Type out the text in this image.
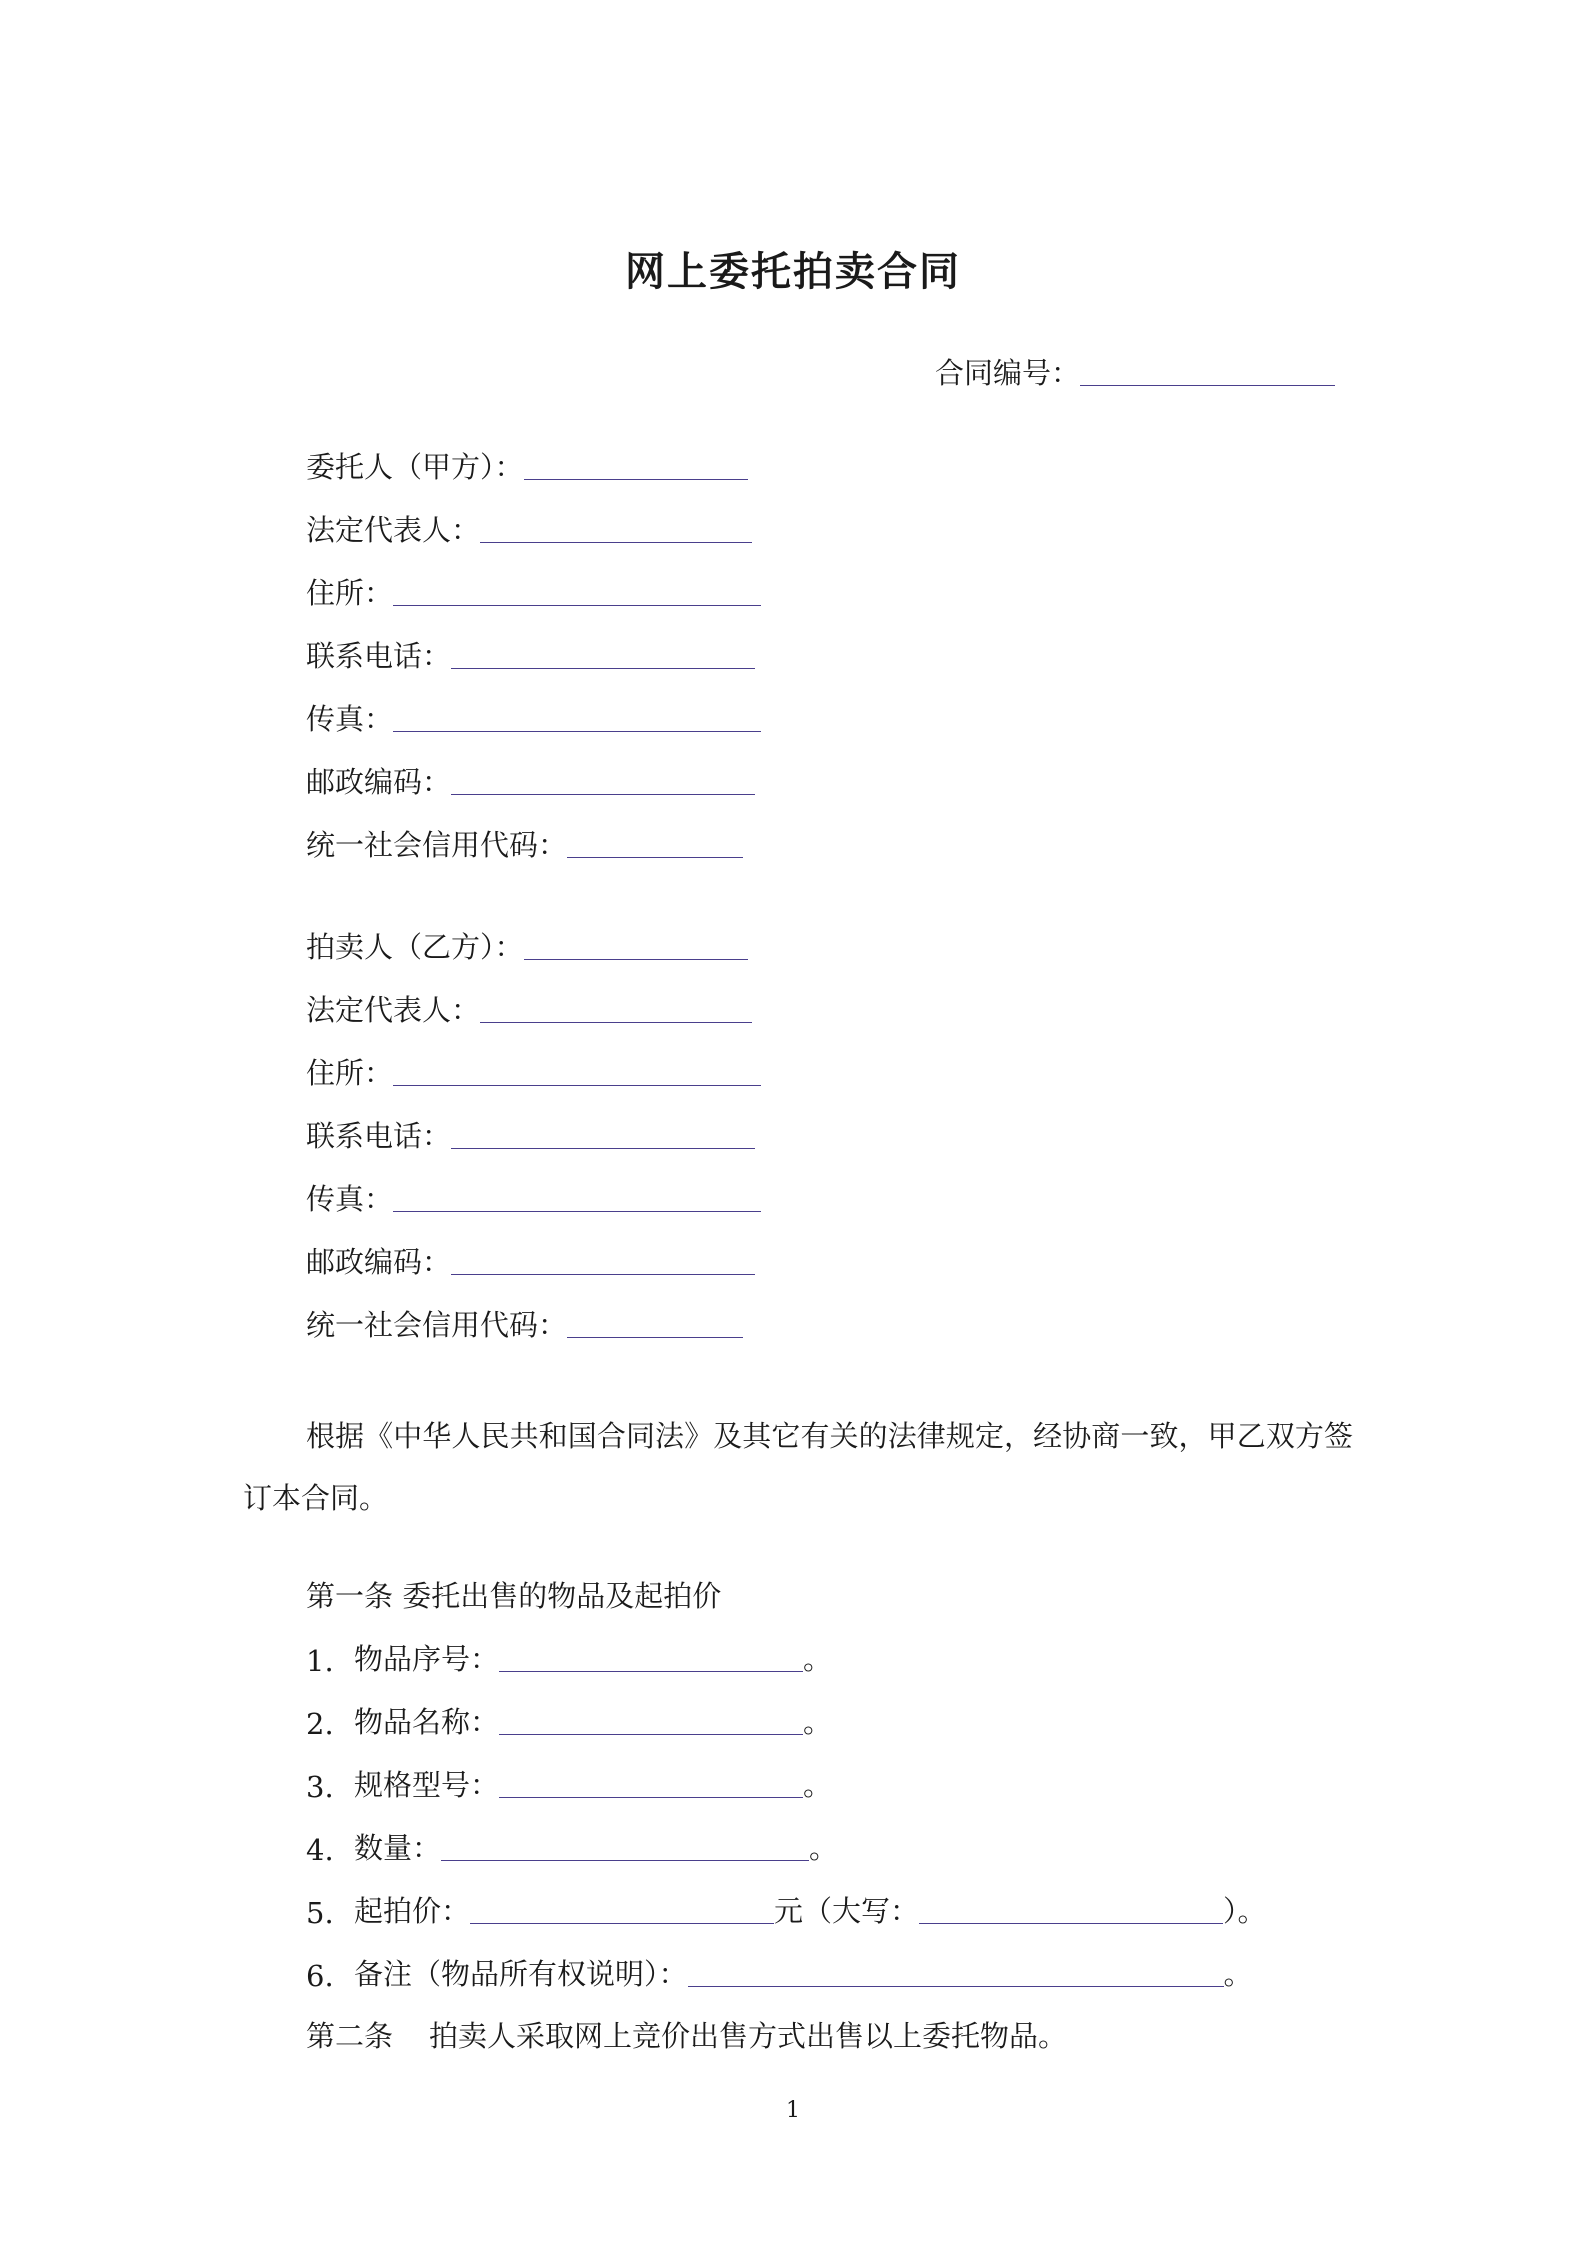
网上委托拍卖合同
合同编号：
委托人（甲方）：
法定代表人：
住所：
联系电话：
传真：
邮政编码：
统一社会信用代码：
拍卖人（乙方）：
法定代表人：
住所：
联系电话：
传真：
邮政编码：
统一社会信用代码：
根据《中华人民共和国合同法》及其它有关的法律规定，经协商一致，甲乙双方签订本合同。
第一条 委托出售的物品及起拍价
1. 物品序号：	。
2. 物品名称：	。
3. 规格型号：	。
4. 数量：	。
5. 起拍价：	元（大写：	）。
6. 备注（物品所有权说明）：	。
第二条 拍卖人采取网上竞价出售方式出售以上委托物品。
1
